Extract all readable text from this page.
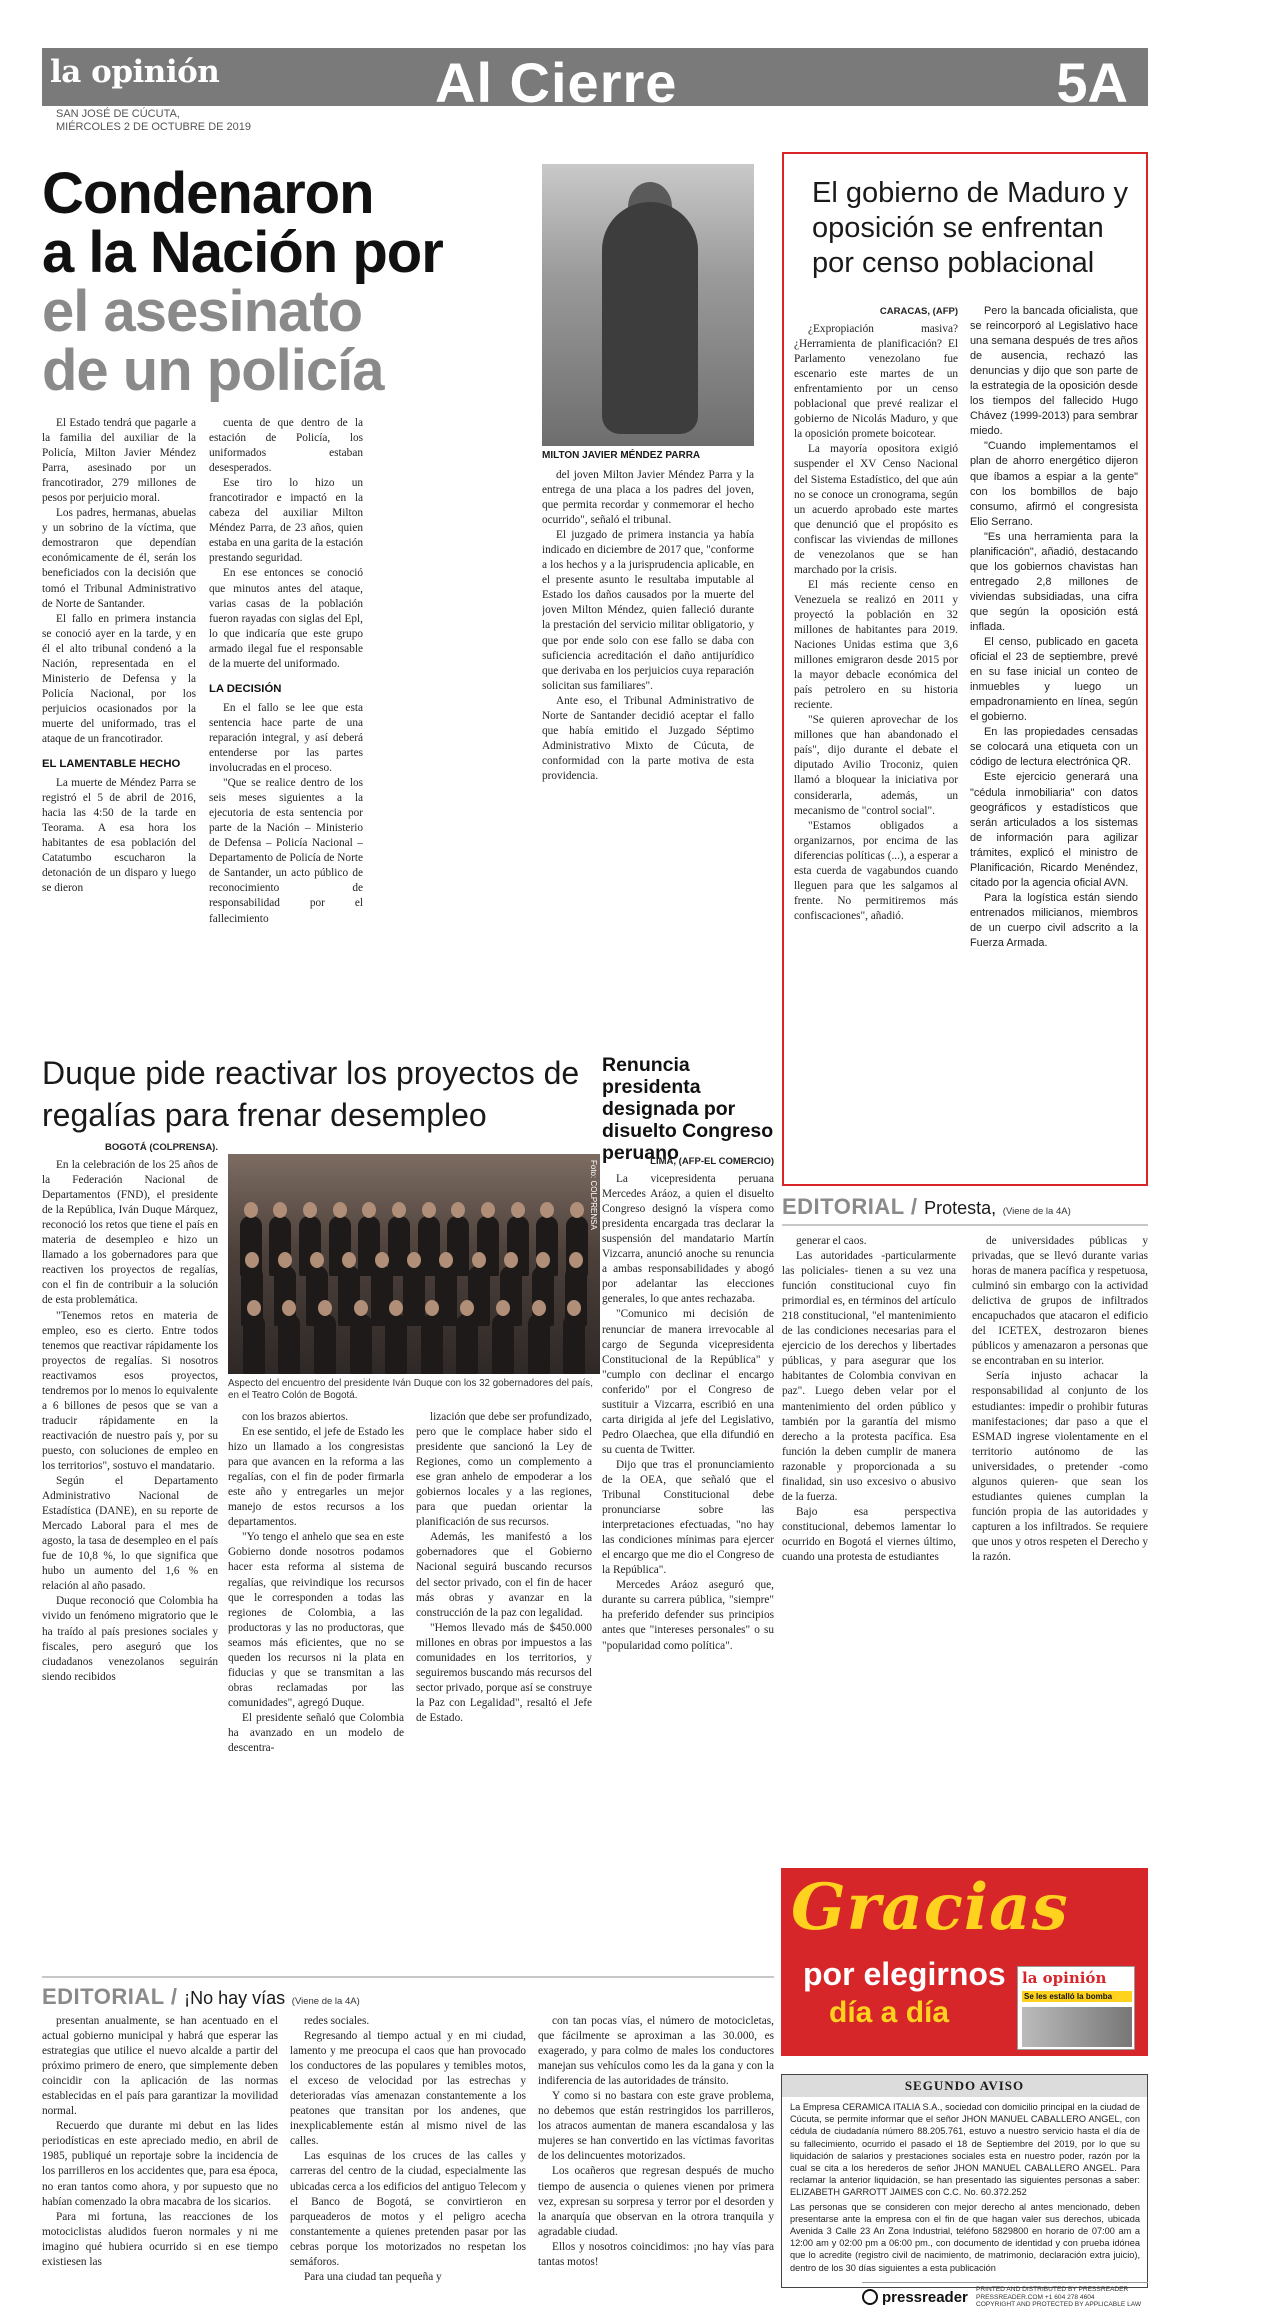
la opinión	Al Cierre	5A
SAN JOSÉ DE CÚCUTA,
MIÉRCOLES 2 DE OCTUBRE DE 2019
Condenaron
a la Nación por
el asesinato
de un policía
MILTON JAVIER MÉNDEZ PARRA

El Estado tendrá que pagarle a la familia del auxiliar de la Policía, Milton Javier Méndez Parra, asesinado por un francotirador, 279 millones de pesos por perjuicio moral.

Los padres, hermanas, abuelas y un sobrino de la víctima, que demostraron que dependían económicamente de él, serán los beneficiados con la decisión que tomó el Tribunal Administrativo de Norte de Santander.

El fallo en primera instancia se conoció ayer en la tarde, y en él el alto tribunal condenó a la Nación, representada en el Ministerio de Defensa y la Policía Nacional, por los perjuicios ocasionados por la muerte del uniformado, tras el ataque de un francotirador.

EL LAMENTABLE HECHO

La muerte de Méndez Parra se registró el 5 de abril de 2016, hacia las 4:50 de la tarde en Teorama. A esa hora los habitantes de esa población del Catatumbo escucharon la detonación de un disparo y luego se dieron

cuenta de que dentro de la estación de Policía, los uniformados estaban desesperados.

Ese tiro lo hizo un francotirador e impactó en la cabeza del auxiliar Milton Méndez Parra, de 23 años, quien estaba en una garita de la estación prestando seguridad.

En ese entonces se conoció que minutos antes del ataque, varias casas de la población fueron rayadas con siglas del Epl, lo que indicaría que este grupo armado ilegal fue el responsable de la muerte del uniformado.

LA DECISIÓN

En el fallo se lee que esta sentencia hace parte de una reparación integral, y así deberá entenderse por las partes involucradas en el proceso.

"Que se realice dentro de los seis meses siguientes a la ejecutoria de esta sentencia por parte de la Nación – Ministerio de Defensa – Policía Nacional – Departamento de Policía de Norte de Santander, un acto público de reconocimiento de responsabilidad por el fallecimiento

del joven Milton Javier Méndez Parra y la entrega de una placa a los padres del joven, que permita recordar y conmemorar el hecho ocurrido", señaló el tribunal.

El juzgado de primera instancia ya había indicado en diciembre de 2017 que, "conforme a los hechos y a la jurisprudencia aplicable, en el presente asunto le resultaba imputable al Estado los daños causados por la muerte del joven Milton Méndez, quien falleció durante la prestación del servicio militar obligatorio, y que por ende solo con ese fallo se daba con suficiencia acreditación el daño antijurídico que derivaba en los perjuicios cuya reparación solicitan sus familiares".

Ante eso, el Tribunal Administrativo de Norte de Santander decidió aceptar el fallo que había emitido el Juzgado Séptimo Administrativo Mixto de Cúcuta, de conformidad con la parte motiva de esta providencia.

El gobierno de Maduro y oposición se enfrentan por censo poblacional

CARACAS, (AFP)

¿Expropiación masiva? ¿Herramienta de planificación? El Parlamento venezolano fue escenario este martes de un enfrentamiento por un censo poblacional que prevé realizar el gobierno de Nicolás Maduro, y que la oposición promete boicotear.

La mayoría opositora exigió suspender el XV Censo Nacional del Sistema Estadístico, del que aún no se conoce un cronograma, según un acuerdo aprobado este martes que denunció que el propósito es confiscar las viviendas de millones de venezolanos que se han marchado por la crisis.

El más reciente censo en Venezuela se realizó en 2011 y proyectó la población en 32 millones de habitantes para 2019. Naciones Unidas estima que 3,6 millones emigraron desde 2015 por la mayor debacle económica del país petrolero en su historia reciente.

"Se quieren aprovechar de los millones que han abandonado el país", dijo durante el debate el diputado Avilio Troconiz, quien llamó a bloquear la iniciativa por considerarla, además, un mecanismo de "control social".

"Estamos obligados a organizarnos, por encima de las diferencias políticas (...), a esperar a esta cuerda de vagabundos cuando lleguen para que les salgamos al frente. No permitiremos más confiscaciones", añadió.

Pero la bancada oficialista, que se reincorporó al Legislativo hace una semana después de tres años de ausencia, rechazó las denuncias y dijo que son parte de la estrategia de la oposición desde los tiempos del fallecido Hugo Chávez (1999-2013) para sembrar miedo.

"Cuando implementamos el plan de ahorro energético dijeron que íbamos a espiar a la gente" con los bombillos de bajo consumo, afirmó el congresista Elio Serrano.

"Es una herramienta para la planificación", añadió, destacando que los gobiernos chavistas han entregado 2,8 millones de viviendas subsidiadas, una cifra que según la oposición está inflada.

El censo, publicado en gaceta oficial el 23 de septiembre, prevé en su fase inicial un conteo de inmuebles y luego un empadronamiento en línea, según el gobierno.

En las propiedades censadas se colocará una etiqueta con un código de lectura electrónica QR.

Este ejercicio generará una "cédula inmobiliaria" con datos geográficos y estadísticos que serán articulados a los sistemas de información para agilizar trámites, explicó el ministro de Planificación, Ricardo Menéndez, citado por la agencia oficial AVN.

Para la logística están siendo entrenados milicianos, miembros de un cuerpo civil adscrito a la Fuerza Armada.

Duque pide reactivar los proyectos de regalías para frenar desempleo

BOGOTÁ (COLPRENSA).

En la celebración de los 25 años de la Federación Nacional de Departamentos (FND), el presidente de la República, Iván Duque Márquez, reconoció los retos que tiene el país en materia de desempleo e hizo un llamado a los gobernadores para que reactiven los proyectos de regalías, con el fin de contribuir a la solución de esta problemática.

"Tenemos retos en materia de empleo, eso es cierto. Entre todos tenemos que reactivar rápidamente los proyectos de regalías. Si nosotros reactivamos esos proyectos, tendremos por lo menos lo equivalente a 6 billones de pesos que se van a traducir rápidamente en la reactivación de nuestro país y, por su puesto, con soluciones de empleo en los territorios", sostuvo el mandatario.

Según el Departamento Administrativo Nacional de Estadística (DANE), en su reporte de Mercado Laboral para el mes de agosto, la tasa de desempleo en el país fue de 10,8 %, lo que significa que hubo un aumento del 1,6 % en relación al año pasado.

Duque reconoció que Colombia ha vivido un fenómeno migratorio que le ha traído al país presiones sociales y fiscales, pero aseguró que los ciudadanos venezolanos seguirán siendo recibidos

Foto: COLPRENSA
Aspecto del encuentro del presidente Iván Duque con los 32 gobernadores del país, en el Teatro Colón de Bogotá.

con los brazos abiertos.

En ese sentido, el jefe de Estado les hizo un llamado a los congresistas para que avancen en la reforma a las regalías, con el fin de poder firmarla este año y entregarles un mejor manejo de estos recursos a los departamentos.

"Yo tengo el anhelo que sea en este Gobierno donde nosotros podamos hacer esta reforma al sistema de regalías, que reivindique los recursos que le corresponden a todas las regiones de Colombia, a las productoras y las no productoras, que seamos más eficientes, que no se queden los recursos ni la plata en fiducias y que se transmitan a las obras reclamadas por las comunidades", agregó Duque.

El presidente señaló que Colombia ha avanzado en un modelo de descentra-

lización que debe ser profundizado, pero que le complace haber sido el presidente que sancionó la Ley de Regiones, como un complemento a ese gran anhelo de empoderar a los gobiernos locales y a las regiones, para que puedan orientar la planificación de sus recursos.

Además, les manifestó a los gobernadores que el Gobierno Nacional seguirá buscando recursos del sector privado, con el fin de hacer más obras y avanzar en la construcción de la paz con legalidad.

"Hemos llevado más de $450.000 millones en obras por impuestos a las comunidades en los territorios, y seguiremos buscando más recursos del sector privado, porque así se construye la Paz con Legalidad", resaltó el Jefe de Estado.

Renuncia presidenta designada por disuelto Congreso peruano

LIMA, (AFP-EL COMERCIO)

La vicepresidenta peruana Mercedes Aráoz, a quien el disuelto Congreso designó la víspera como presidenta encargada tras declarar la suspensión del mandatario Martín Vizcarra, anunció anoche su renuncia a ambas responsabilidades y abogó por adelantar las elecciones generales, lo que antes rechazaba.

"Comunico mi decisión de renunciar de manera irrevocable al cargo de Segunda vicepresidenta Constitucional de la República" y "cumplo con declinar el encargo conferido" por el Congreso de sustituir a Vizcarra, escribió en una carta dirigida al jefe del Legislativo, Pedro Olaechea, que ella difundió en su cuenta de Twitter.

Dijo que tras el pronunciamiento de la OEA, que señaló que el Tribunal Constitucional debe pronunciarse sobre las interpretaciones efectuadas, "no hay las condiciones mínimas para ejercer el encargo que me dio el Congreso de la República".

Mercedes Aráoz aseguró que, durante su carrera pública, "siempre" ha preferido defender sus principios antes que "intereses personales" o su "popularidad como política".

EDITORIAL / Protesta, (Viene de la 4A)

generar el caos.

Las autoridades -particularmente las policiales- tienen a su vez una función constitucional cuyo fin primordial es, en términos del artículo 218 constitucional, "el mantenimiento de las condiciones necesarias para el ejercicio de los derechos y libertades públicas, y para asegurar que los habitantes de Colombia convivan en paz". Luego deben velar por el mantenimiento del orden público y también por la garantía del mismo derecho a la protesta pacífica. Esa función la deben cumplir de manera razonable y proporcionada a su finalidad, sin uso excesivo o abusivo de la fuerza.

Bajo esa perspectiva constitucional, debemos lamentar lo ocurrido en Bogotá el viernes último, cuando una protesta de estudiantes

de universidades públicas y privadas, que se llevó durante varias horas de manera pacífica y respetuosa, culminó sin embargo con la actividad delictiva de grupos de infiltrados encapuchados que atacaron el edificio del ICETEX, destrozaron bienes públicos y amenazaron a personas que se encontraban en su interior.

Sería injusto achacar la responsabilidad al conjunto de los estudiantes: impedir o prohibir futuras manifestaciones; dar paso a que el ESMAD ingrese violentamente en el territorio autónomo de las universidades, o pretender -como algunos quieren- que sean los estudiantes quienes cumplan la función propia de las autoridades y capturen a los infiltrados. Se requiere que unos y otros respeten el Derecho y la razón.

EDITORIAL / ¡No hay vías (Viene de la 4A)

presentan anualmente, se han acentuado en el actual gobierno municipal y habrá que esperar las estrategias que utilice el nuevo alcalde a partir del próximo primero de enero, que simplemente deben coincidir con la aplicación de las normas establecidas en el país para garantizar la movilidad normal.

Recuerdo que durante mi debut en las lides periodísticas en este apreciado medio, en abril de 1985, publiqué un reportaje sobre la incidencia de los parrilleros en los accidentes que, para esa época, no eran tantos como ahora, y por supuesto que no habían comenzado la obra macabra de los sicarios.

Para mi fortuna, las reacciones de los motociclistas aludidos fueron normales y ni me imagino qué hubiera ocurrido si en ese tiempo existiesen las

redes sociales.

Regresando al tiempo actual y en mi ciudad, lamento y me preocupa el caos que han provocado los conductores de las populares y temibles motos, el exceso de velocidad por las estrechas y deterioradas vías amenazan constantemente a los peatones que transitan por los andenes, que inexplicablemente están al mismo nivel de las calles.

Las esquinas de los cruces de las calles y carreras del centro de la ciudad, especialmente las ubicadas cerca a los edificios del antiguo Telecom y el Banco de Bogotá, se convirtieron en parqueaderos de motos y el peligro acecha constantemente a quienes pretenden pasar por las cebras porque los motorizados no respetan los semáforos.

Para una ciudad tan pequeña y

con tan pocas vías, el número de motocicletas, que fácilmente se aproximan a las 30.000, es exagerado, y para colmo de males los conductores manejan sus vehículos como les da la gana y con la indiferencia de las autoridades de tránsito.

Y como si no bastara con este grave problema, no debemos que están restringidos los parrilleros, los atracos aumentan de manera escandalosa y las mujeres se han convertido en las víctimas favoritas de los delincuentes motorizados.

Los ocañeros que regresan después de mucho tiempo de ausencia o quienes vienen por primera vez, expresan su sorpresa y terror por el desorden y la anarquía que observan en la otrora tranquila y agradable ciudad.

Ellos y nosotros coincidimos: ¡no hay vías para tantas motos!

Gracias
por elegirnos
día a día
la opinión
Se les estalló la bomba
SEGUNDO AVISO

La Empresa CERAMICA ITALIA S.A., sociedad con domicilio principal en la ciudad de Cúcuta, se permite informar que el señor JHON MANUEL CABALLERO ANGEL, con cédula de ciudadanía número 88.205.761, estuvo a nuestro servicio hasta el día de su fallecimiento, ocurrido el pasado el 18 de Septiembre del 2019, por lo que su liquidación de salarios y prestaciones sociales esta en nuestro poder, razón por la cual se cita a los herederos de señor JHON MANUEL CABALLERO ANGEL. Para reclamar la anterior liquidación, se han presentado las siguientes personas a saber: ELIZABETH GARROTT JAIMES con C.C. No. 60.372.252

Las personas que se consideren con mejor derecho al antes mencionado, deben presentarse ante la empresa con el fin de que hagan valer sus derechos, ubicada Avenida 3 Calle 23 An Zona Industrial, teléfono 5829800 en horario de 07:00 am a 12:00 am y 02:00 pm a 06:00 pm., con documento de identidad y con prueba idónea que lo acredite (registro civil de nacimiento, de matrimonio, declaración extra juicio), dentro de los 30 días siguientes a esta publicación

pressreader PRINTED AND DISTRIBUTED BY PRESSREADER
PRESSREADER.COM +1 604 278 4604
COPYRIGHT AND PROTECTED BY APPLICABLE LAW
